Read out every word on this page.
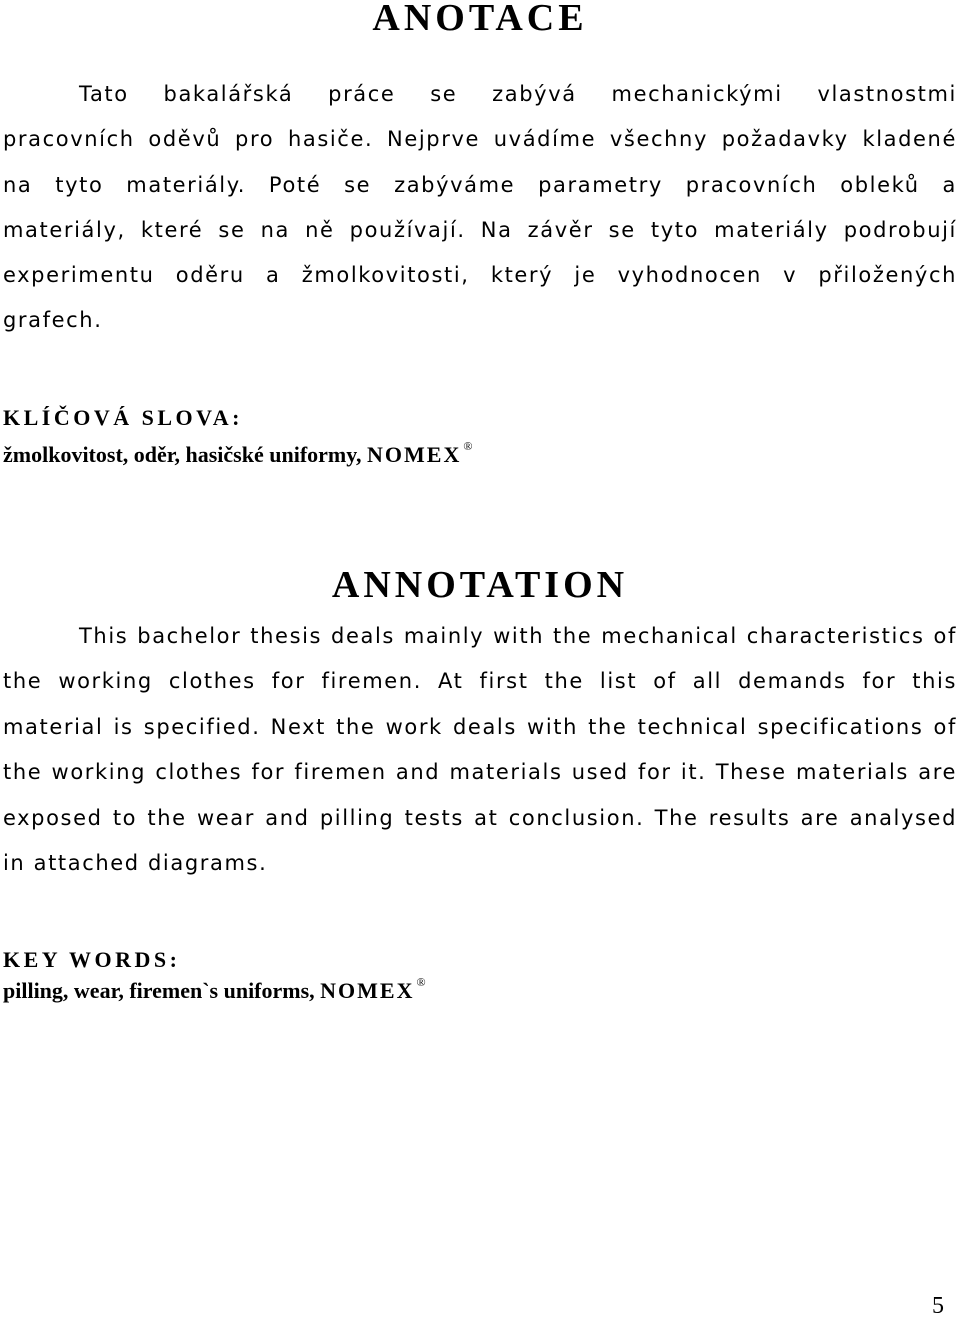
ANOTACE

Tato bakalářská práce se zabývá mechanickými vlastnostmi pracovních oděvů pro hasiče. Nejprve uvádíme všechny požadavky kladené na tyto materiály. Poté se zabýváme parametry pracovních obleků a materiály, které se na ně používají. Na závěr se tyto materiály podrobují experimentu oděru a žmolkovitosti, který je vyhodnocen v přiložených grafech.

KLÍČOVÁ SLOVA:
žmolkovitost, oděr, hasičské uniformy, NOMEX ®
ANNOTATION

This bachelor thesis deals mainly with the mechanical characteristics of the working clothes for firemen. At first the list of all demands for this material is specified. Next the work deals with the technical specifications of the working clothes for firemen and materials used for it. These materials are exposed to the wear and pilling tests at conclusion. The results are analysed in attached diagrams.

KEY WORDS:
pilling, wear, firemen`s uniforms, NOMEX ®
5
